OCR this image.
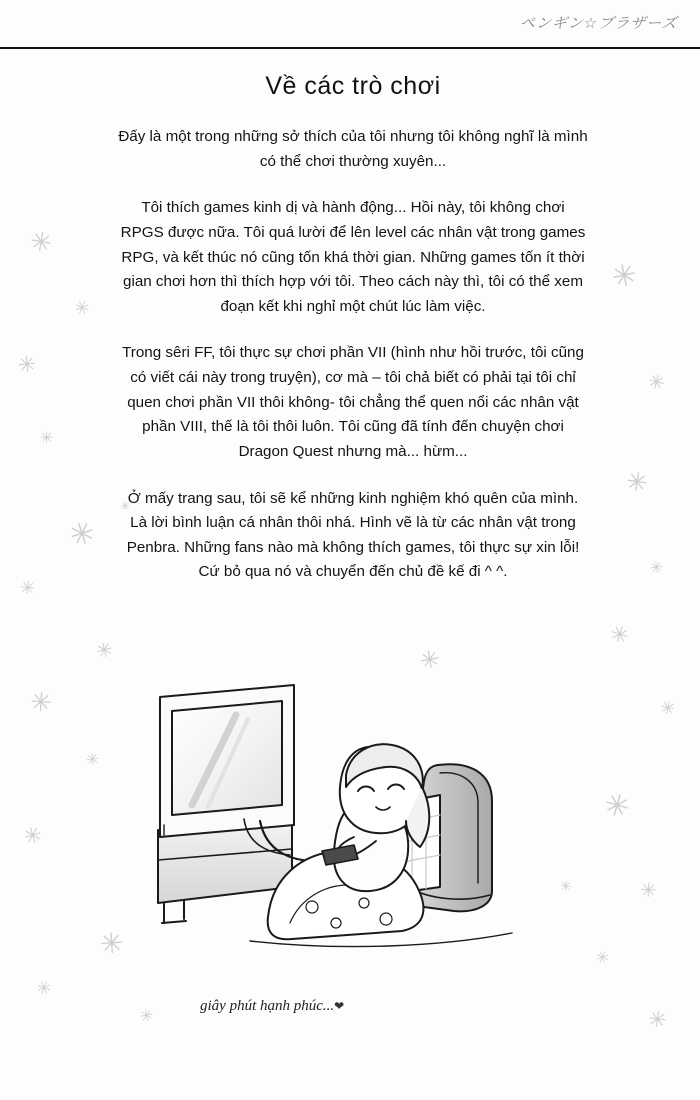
ペンギン☆ブラザーズ
✳
✳
✳
✳
✳
✳
✳
✳
✳
✳
✳
✳
✳
✳
✳
✳
✳
✳
✳
✳
✳
✳
✳
✳
✳
✳
Về các trò chơi

Đấy là một trong những sở thích của tôi nhưng tôi không nghĩ là mình có thể chơi thường xuyên...

Tôi thích games kinh dị và hành động... Hồi này, tôi không chơi RPGS được nữa. Tôi quá lười để lên level các nhân vật trong games RPG, và kết thúc nó cũng tốn khá thời gian. Những games tốn ít thời gian chơi hơn thì thích hợp với tôi. Theo cách này thì, tôi có thể xem đoạn kết khi nghỉ một chút lúc làm việc.

Trong sêri FF, tôi thực sự chơi phần VII (hình như hồi trước, tôi cũng có viết cái này trong truyện), cơ mà – tôi chả biết có phải tại tôi chỉ quen chơi phần VII thôi không- tôi chẳng thể quen nổi các nhân vật phần VIII, thế là tôi thôi luôn. Tôi cũng đã tính đến chuyện chơi Dragon Quest nhưng mà... hừm...

Ở mấy trang sau, tôi sẽ kể những kinh nghiệm khó quên của mình. Là lời bình luận cá nhân thôi nhá. Hình vẽ là từ các nhân vật trong Penbra. Những fans nào mà không thích games, tôi thực sự xin lỗi! Cứ bỏ qua nó và chuyển đến chủ đề kế đi ^ ^.

giây phút hạnh phúc...❤
